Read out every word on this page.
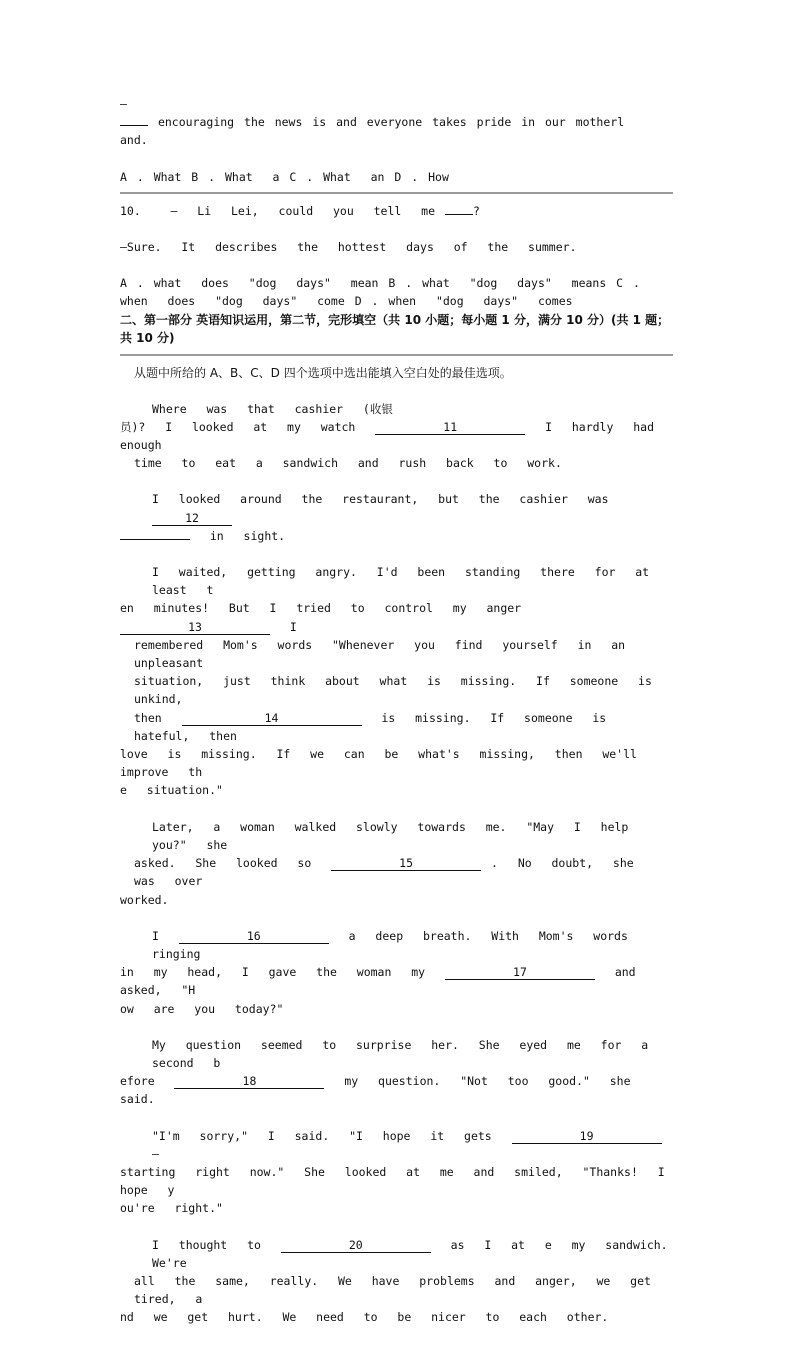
—
encouraging the news is and everyone takes pride in our motherl
and.
A . What B . What  a C . What  an D . How
10.   —  Li  Lei,  could  you  tell  me	?
—Sure.  It  describes  the  hottest  days  of  the  summer.
A . what  does  "dog  days"  mean B . what  "dog  days"  means C .
when  does  "dog  days"  come D . when  "dog  days"  comes
二、第一部分 英语知识运用，第二节，完形填空（共 10 小题；每小题 1 分，满分 10 分）(共 1 题；共 10 分)
从题中所给的 A、B、C、D 四个选项中选出能填入空白处的最佳选项。
Where  was  that  cashier  (收银
员)?  I  looked  at  my  watch	11	I  hardly  had  enough
time  to  eat  a  sandwich  and  rush  back  to  work.
I  looked  around  the  restaurant,  but  the  cashier  was  12
in  sight.
I  waited,  getting  angry.  I'd  been  standing  there  for  at  least  t
en  minutes!  But  I  tried  to  control  my  anger  13	I
remembered  Mom's  words  "Whenever  you  find  yourself  in  an  unpleasant
situation,  just  think  about  what  is  missing.  If  someone  is  unkind,
then	14	is  missing.  If  someone  is  hateful,  then
love  is  missing.  If  we  can  be  what's  missing,  then  we'll  improve  th
e  situation."
Later,  a  woman  walked  slowly  towards  me.  "May  I  help  you?"  she
asked.  She  looked  so	15	.  No  doubt,  she  was  over
worked.
I	16	a  deep  breath.  With  Mom's  words  ringing
in  my  head,  I  gave  the  woman  my	17	and  asked,  "H
ow  are  you  today?"
My  question  seemed  to  surprise  her.  She  eyed  me  for  a  second  b
efore	18	my  question.  "Not  too  good."  she  said.
"I'm  sorry,"  I  said.  "I  hope  it  gets	19 —
starting  right  now."  She  looked  at  me  and  smiled,  "Thanks!  I  hope  y
ou're  right."
I  thought  to	20	as  I  at  e  my  sandwich.  We're
all  the  same,  really.  We  have  problems  and  anger,  we  get  tired,  a
nd  we  get  hurt.  We  need  to  be  nicer  to  each  other.
